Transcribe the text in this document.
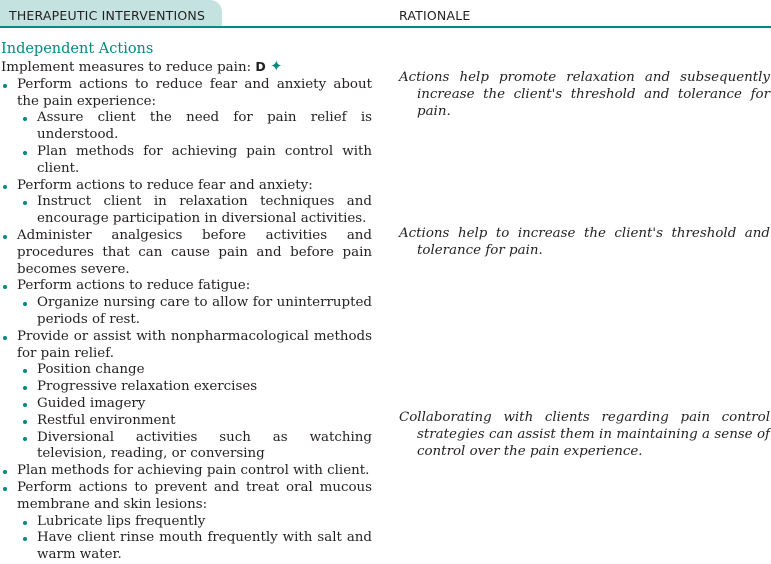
THERAPEUTIC INTERVENTIONS	RATIONALE
Independent Actions
Implement measures to reduce pain: D ✦
Perform actions to reduce fear and anxiety about the pain experience:
Assure client the need for pain relief is understood.
Plan methods for achieving pain control with client.
Perform actions to reduce fear and anxiety:
Instruct client in relaxation techniques and encourage participation in diversional activities.
Administer analgesics before activities and procedures that can cause pain and before pain becomes severe.
Perform actions to reduce fatigue:
Organize nursing care to allow for uninterrupted periods of rest.
Provide or assist with nonpharmacological methods for pain relief.
Position change
Progressive relaxation exercises
Guided imagery
Restful environment
Diversional activities such as watching television, reading, or conversing
Plan methods for achieving pain control with client.
Perform actions to prevent and treat oral mucous membrane and skin lesions:
Lubricate lips frequently
Have client rinse mouth frequently with salt and warm water.
Actions help promote relaxation and subsequently increase the client's threshold and tolerance for pain.
Actions help to increase the client's threshold and tolerance for pain.
Collaborating with clients regarding pain control strategies can assist them in maintaining a sense of control over the pain experience.
